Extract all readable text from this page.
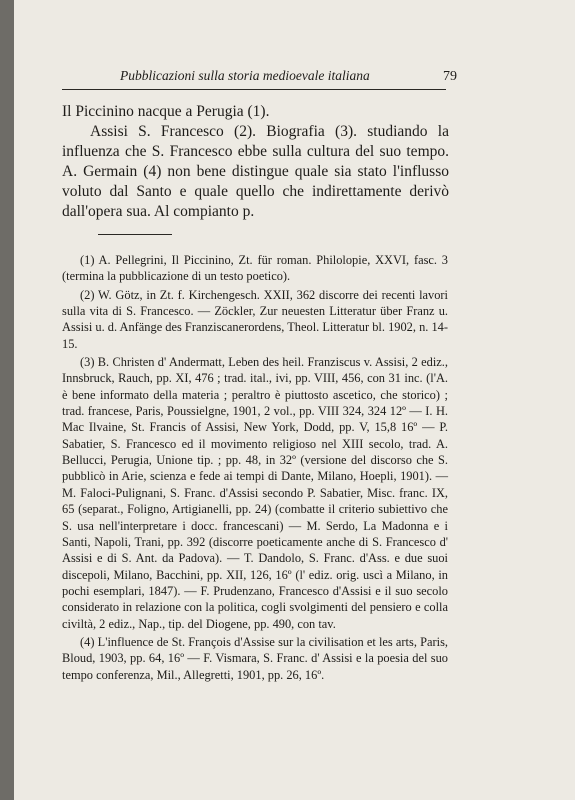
Pubblicazioni sulla storia medioevale italiana	79

Il Piccinino nacque a Perugia (1).

Assisi S. Francesco (2). Biografia (3). studiando la influenza che S. Francesco ebbe sulla cultura del suo tempo. A. Germain (4) non bene distingue quale sia stato l'influsso voluto dal Santo e quale quello che indirettamente derivò dall'opera sua. Al compianto p.

(1) A. Pellegrini, Il Piccinino, Zt. für roman. Philolopie, XXVI, fasc. 3 (termina la pubblicazione di un testo poetico).

(2) W. Götz, in Zt. f. Kirchengesch. XXII, 362 discorre dei recenti lavori sulla vita di S. Francesco. — Zöckler, Zur neuesten Litteratur über Franz u. Assisi u. d. Anfänge des Franziscanerordens, Theol. Litteratur bl. 1902, n. 14-15.

(3) B. Christen d' Andermatt, Leben des heil. Franziscus v. Assisi, 2 ediz., Innsbruck, Rauch, pp. XI, 476 ; trad. ital., ivi, pp. VIII, 456, con 31 inc. (l'A. è bene informato della materia ; peraltro è piuttosto ascetico, che storico) ; trad. francese, Paris, Poussielgne, 1901, 2 vol., pp. VIII 324, 324 12º — I. H. Mac Ilvaine, St. Francis of Assisi, New York, Dodd, pp. V, 15,8 16º — P. Sabatier, S. Francesco ed il movimento religioso nel XIII secolo, trad. A. Bellucci, Perugia, Unione tip. ; pp. 48, in 32º (versione del discorso che S. pubblicò in Arie, scienza e fede ai tempi di Dante, Milano, Hoepli, 1901). — M. Faloci-Pulignani, S. Franc. d'Assisi secondo P. Sabatier, Misc. franc. IX, 65 (separat., Foligno, Artigianelli, pp. 24) (combatte il criterio subiettivo che S. usa nell'interpretare i docc. francescani) — M. Serdo, La Madonna e i Santi, Napoli, Trani, pp. 392 (discorre poeticamente anche di S. Francesco d' Assisi e di S. Ant. da Padova). — T. Dandolo, S. Franc. d'Ass. e due suoi discepoli, Milano, Bacchini, pp. XII, 126, 16º (l' ediz. orig. uscì a Milano, in pochi esemplari, 1847). — F. Prudenzano, Francesco d'Assisi e il suo secolo considerato in relazione con la politica, cogli svolgimenti del pensiero e colla civiltà, 2 ediz., Nap., tip. del Diogene, pp. 490, con tav.

(4) L'influence de St. François d'Assise sur la civilisation et les arts, Paris, Bloud, 1903, pp. 64, 16º — F. Vismara, S. Franc. d' Assisi e la poesia del suo tempo conferenza, Mil., Allegretti, 1901, pp. 26, 16º.
